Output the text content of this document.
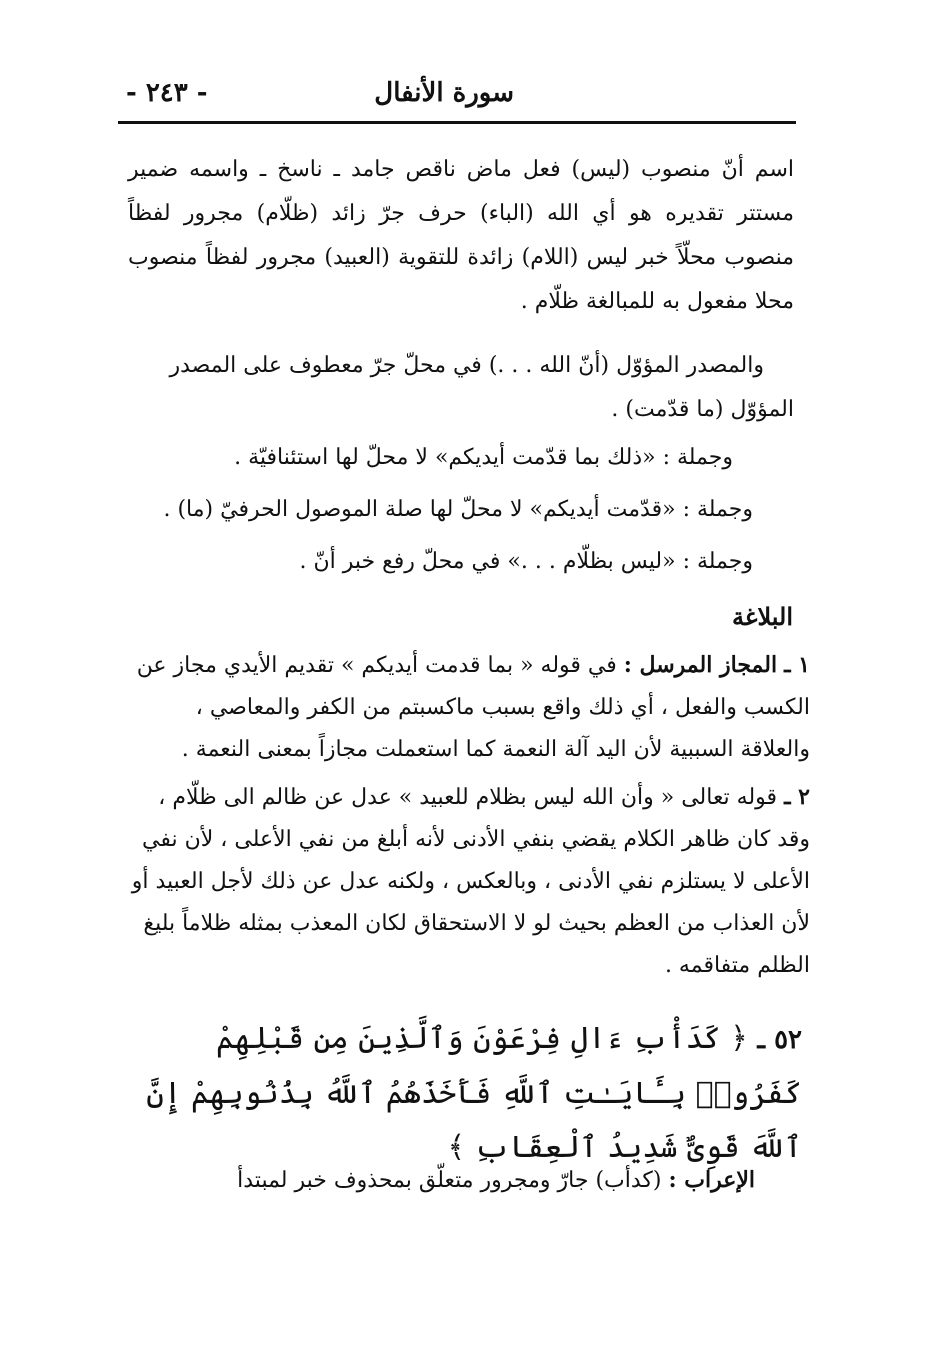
سورة الأنفال
- ٢٤٣ -
اسم أنّ منصوب (ليس) فعل ماض ناقص جامد ـ ناسخ ـ واسمه ضمير مستتر تقديره هو أي الله (الباء) حرف جرّ زائد (ظلّام) مجرور لفظاً منصوب محلّاً خبر ليس (اللام) زائدة للتقوية (العبيد) مجرور لفظاً منصوب محلا مفعول به للمبالغة ظلّام .
والمصدر المؤوّل (أنّ الله . . .) في محلّ جرّ معطوف على المصدر المؤوّل (ما قدّمت) .
وجملة : «ذلك بما قدّمت أيديكم» لا محلّ لها استئنافيّة .
وجملة : «قدّمت أيديكم» لا محلّ لها صلة الموصول الحرفيّ (ما) .
وجملة : «ليس بظلّام . . .» في محلّ رفع خبر أنّ .
البلاغة
١ ـ المجاز المرسل : في قوله « بما قدمت أيديكم » تقديم الأيدي مجاز عن الكسب والفعل ، أي ذلك واقع بسبب ماكسبتم من الكفر والمعاصي ، والعلاقة السببية لأن اليد آلة النعمة كما استعملت مجازاً بمعنى النعمة .
٢ ـ قوله تعالى « وأن الله ليس بظلام للعبيد » عدل عن ظالم الى ظلّام ، وقد كان ظاهر الكلام يقضي بنفي الأدنى لأنه أبلغ من نفي الأعلى ، لأن نفي الأعلى لا يستلزم نفي الأدنى ، وبالعكس ، ولكنه عدل عن ذلك لأجل العبيد أو لأن العذاب من العظم بحيث لو لا الاستحقاق لكان المعذب بمثله ظلاماً بليغ الظلم متفاقمه .
٥٢ ـ ﴿ كَدَأْبِ ءَالِ فِرْعَوْنَ وَٱلَّذِينَ مِن قَبْلِهِمْ كَفَرُوا۟ بِـَٔايَـٰتِ ٱللَّهِ فَأَخَذَهُمُ ٱللَّهُ بِذُنُوبِهِمْ إِنَّ ٱللَّهَ قَوِىٌّ شَدِيدُ ٱلْعِقَابِ ﴾
الإعراب : (كدأب) جارّ ومجرور متعلّق بمحذوف خبر لمبتدأ
